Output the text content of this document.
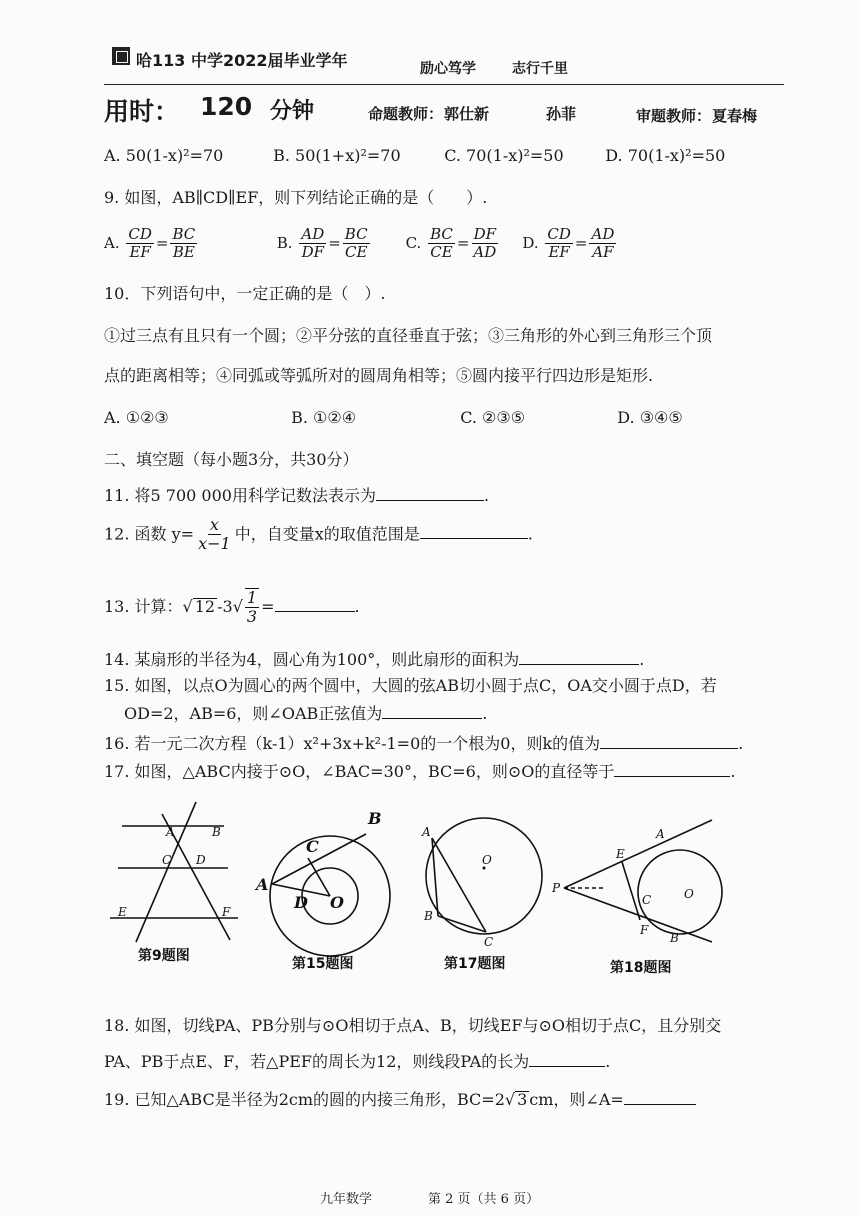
哈113 中学2022届毕业学年	励心笃学	志行千里
用时： 120 分钟	命题教师： 郭仕新	孙菲	审题教师： 夏春梅
A. 50(1-x)²=70	B. 50(1+x)²=70	C. 70(1-x)²=50	D. 70(1-x)²=50
9. 如图，AB∥CD∥EF，则下列结论正确的是（　　）.
A. $\frac{CD}{EF} = \frac{BC}{BE}$	B. $\frac{AD}{DF} = \frac{BC}{CE} C$. $\frac{BC}{CE} = \frac{DF}{AD} D$. $\frac{CD}{EF} = \frac{AD}{AF}$
10．下列语句中，一定正确的是（　）.
①过三点有且只有一个圆；②平分弦的直径垂直于弦；③三角形的外心到三角形三个顶
点的距离相等；④同弧或等弧所对的圆周角相等；⑤圆内接平行四边形是矩形.
A. ①②③	B. ①②④	C. ②③⑤	D. ③④⑤
二、填空题（每小题3分，共30分）
11. 将5 700 000用科学记数法表示为	.
12. 函数 $y= \frac{x}{x-1}$ 中，自变量x的取值范围是	.
13. 计算：√ 12 $-3√ \frac{1}{3}$ =	.
14. 某扇形的半径为4，圆心角为100°，则此扇形的面积为	.
15. 如图，以点O为圆心的两个圆中，大圆的弦AB切小圆于点C，OA交小圆于点D，若
OD=2，AB=6，则∠OAB正弦值为	.
16. 若一元二次方程（k-1）x²+3x+k²-1=0的一个根为0，则k的值为	.
17. 如图，△ABC内接于⊙O，∠BAC=30°，BC=6，则⊙O的直径等于	.
A	B
C D
E	F
第9题图
A
B
C
D O
第15题图
A
B
C
O
第17题图
P
A
B
C
E
F
O
第18题图
18. 如图，切线PA、PB分别与⊙O相切于点A、B，切线EF与⊙O相切于点C，且分别交
PA、PB于点E、F，若△PEF的周长为12，则线段PA的长为	.
19. 已知△ABC是半径为2cm的圆的内接三角形，BC=2√ 3 cm，则∠A=
九年数学	第 2 页（共 6 页）
